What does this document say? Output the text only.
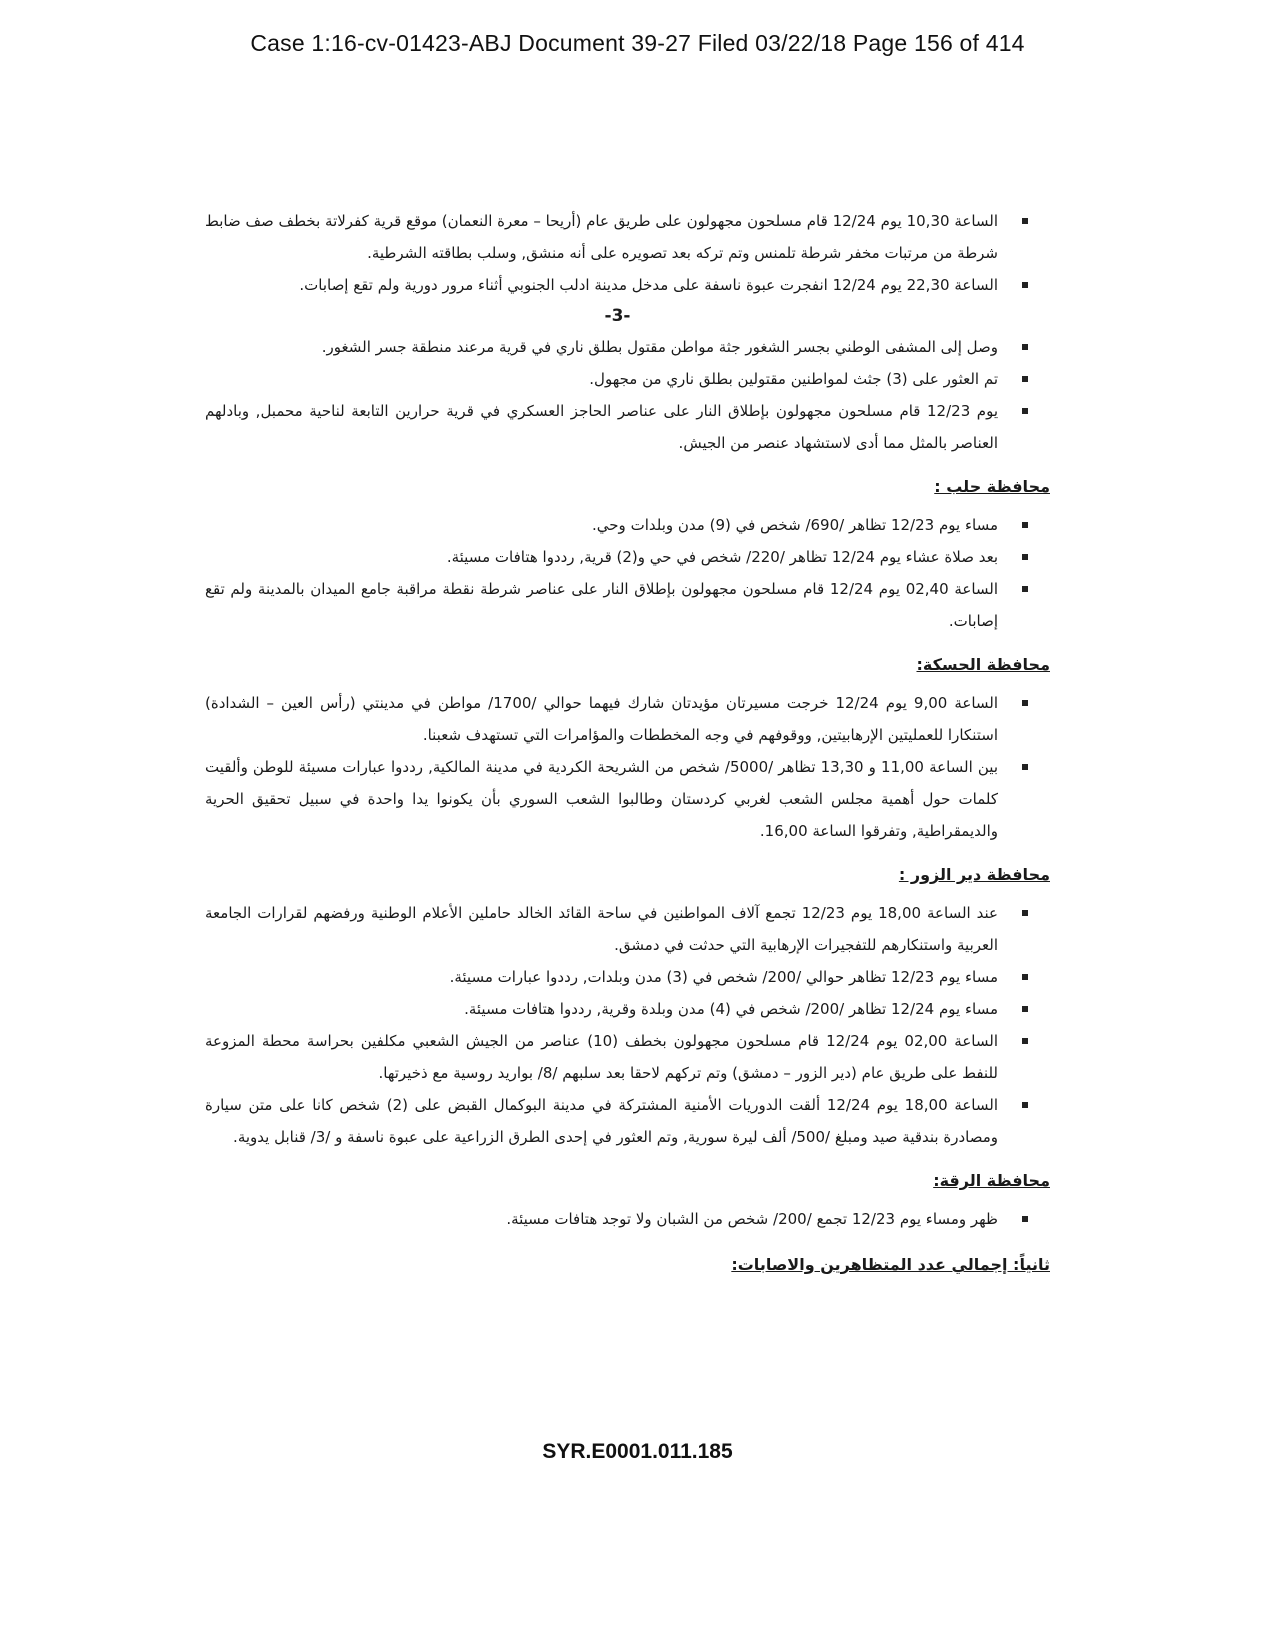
Case 1:16-cv-01423-ABJ Document 39-27 Filed 03/22/18 Page 156 of 414
الساعة 10,30 يوم 12/24 قام مسلحون مجهولون على طريق عام (أريحا – معرة النعمان) موقع قرية كفرلاتة بخطف صف ضابط شرطة من مرتبات مخفر شرطة تلمنس وتم تركه بعد تصويره على أنه منشق, وسلب بطاقته الشرطية.
الساعة 22,30 يوم 12/24 انفجرت عبوة ناسفة على مدخل مدينة ادلب الجنوبي أثناء مرور دورية ولم تقع إصابات.
-3-
وصل إلى المشفى الوطني بجسر الشغور جثة مواطن مقتول بطلق ناري في قرية مرعند منطقة جسر الشغور.
تم العثور على (3) جثث لمواطنين مقتولين بطلق ناري من مجهول.
يوم 12/23 قام مسلحون مجهولون بإطلاق النار على عناصر الحاجز العسكري في قرية حرارين التابعة لناحية محمبل, وبادلهم العناصر بالمثل مما أدى لاستشهاد عنصر من الجيش.
محافظة حلب :
مساء يوم 12/23 تظاهر /690/ شخص في (9) مدن وبلدات وحي.
بعد صلاة عشاء يوم 12/24 تظاهر /220/ شخص في حي و(2) قرية, رددوا هتافات مسيئة.
الساعة 02,40 يوم 12/24 قام مسلحون مجهولون بإطلاق النار على عناصر شرطة نقطة مراقبة جامع الميدان بالمدينة ولم تقع إصابات.
محافظة الحسكة:
الساعة 9,00 يوم 12/24 خرجت مسيرتان مؤيدتان شارك فيهما حوالي /1700/ مواطن في مدينتي (رأس العين – الشدادة) استنكارا للعمليتين الإرهابيتين, ووقوفهم في وجه المخططات والمؤامرات التي تستهدف شعبنا.
بين الساعة 11,00 و 13,30 تظاهر /5000/ شخص من الشريحة الكردية في مدينة المالكية, رددوا عبارات مسيئة للوطن وألقيت كلمات حول أهمية مجلس الشعب لغربي كردستان وطالبوا الشعب السوري بأن يكونوا يدا واحدة في سبيل تحقيق الحرية والديمقراطية, وتفرقوا الساعة 16,00.
محافظة دير الزور :
عند الساعة 18,00 يوم 12/23 تجمع آلاف المواطنين في ساحة القائد الخالد حاملين الأعلام الوطنية ورفضهم لقرارات الجامعة العربية واستنكارهم للتفجيرات الإرهابية التي حدثت في دمشق.
مساء يوم 12/23 تظاهر حوالي /200/ شخص في (3) مدن وبلدات, رددوا عبارات مسيئة.
مساء يوم 12/24 تظاهر /200/ شخص في (4) مدن وبلدة وقرية, رددوا هتافات مسيئة.
الساعة 02,00 يوم 12/24 قام مسلحون مجهولون بخطف (10) عناصر من الجيش الشعبي مكلفين بحراسة محطة المزوعة للنفط على طريق عام (دير الزور – دمشق) وتم تركهم لاحقا بعد سلبهم /8/ بواريد روسية مع ذخيرتها.
الساعة 18,00 يوم 12/24 ألقت الدوريات الأمنية المشتركة في مدينة البوكمال القبض على (2) شخص كانا على متن سيارة ومصادرة بندقية صيد ومبلغ /500/ ألف ليرة سورية, وتم العثور في إحدى الطرق الزراعية على عبوة ناسفة و /3/ قنابل يدوية.
محافظة الرقة:
ظهر ومساء يوم 12/23 تجمع /200/ شخص من الشبان ولا توجد هتافات مسيئة.
ثانياً: إجمالي عدد المتظاهرين والاصابات:
SYR.E0001.011.185
